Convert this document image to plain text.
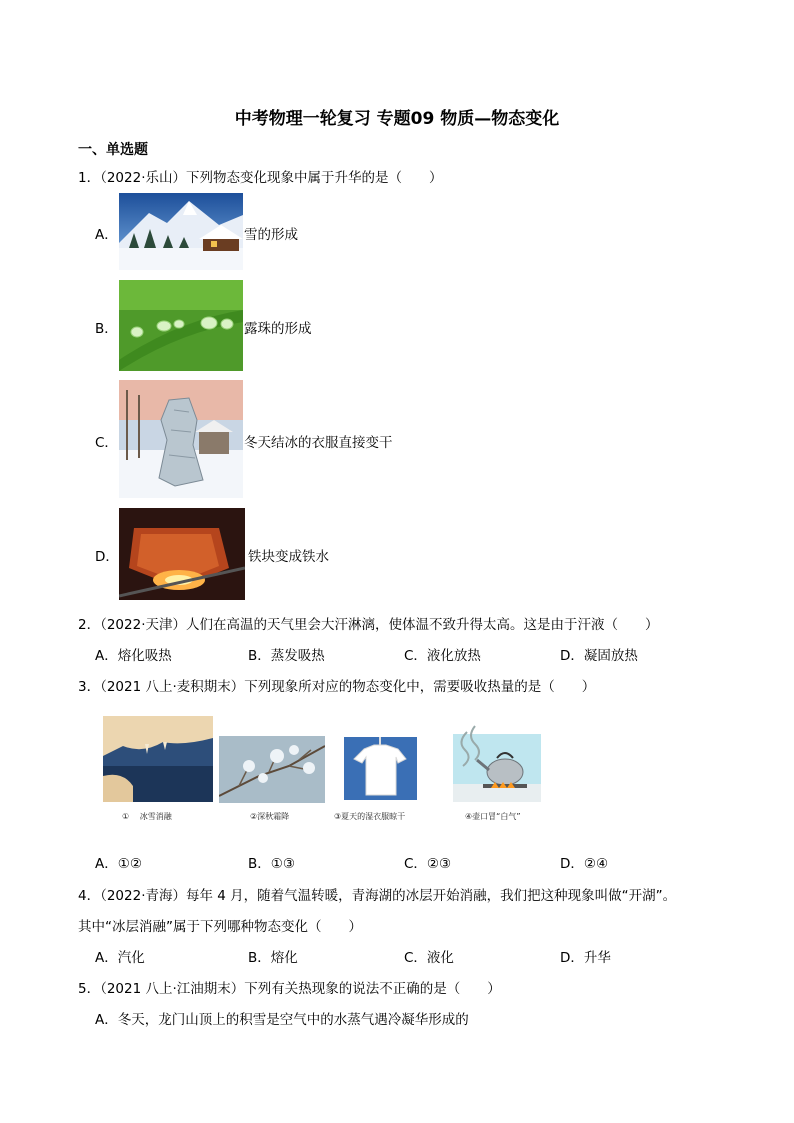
中考物理一轮复习 专题09 物质—物态变化
一、单选题
1．（2022·乐山）下列物态变化现象中属于升华的是（　　）
A．	雪的形成
B．	露珠的形成
C．	冬天结冰的衣服直接变干
D．	铁块变成铁水
2．（2022·天津）人们在高温的天气里会大汗淋漓，使体温不致升得太高。这是由于汗液（　　）
A．熔化吸热	B．蒸发吸热	C．液化放热	D．凝固放热
3．（2021 八上·麦积期末）下列现象所对应的物态变化中，需要吸收热量的是（　　）
①　 冰雪消融	②深秋霜降	③夏天的湿衣服晾干	④壶口冒“白气”
A．①②	B．①③	C．②③	D．②④
4．（2022·青海）每年 4 月，随着气温转暖，青海湖的冰层开始消融，我们把这种现象叫做“开湖”。
其中“冰层消融”属于下列哪种物态变化（　　）
A．汽化	B．熔化	C．液化	D．升华
5．（2021 八上·江油期末）下列有关热现象的说法不正确的是（　　）
A．冬天，龙门山顶上的积雪是空气中的水蒸气遇冷凝华形成的
